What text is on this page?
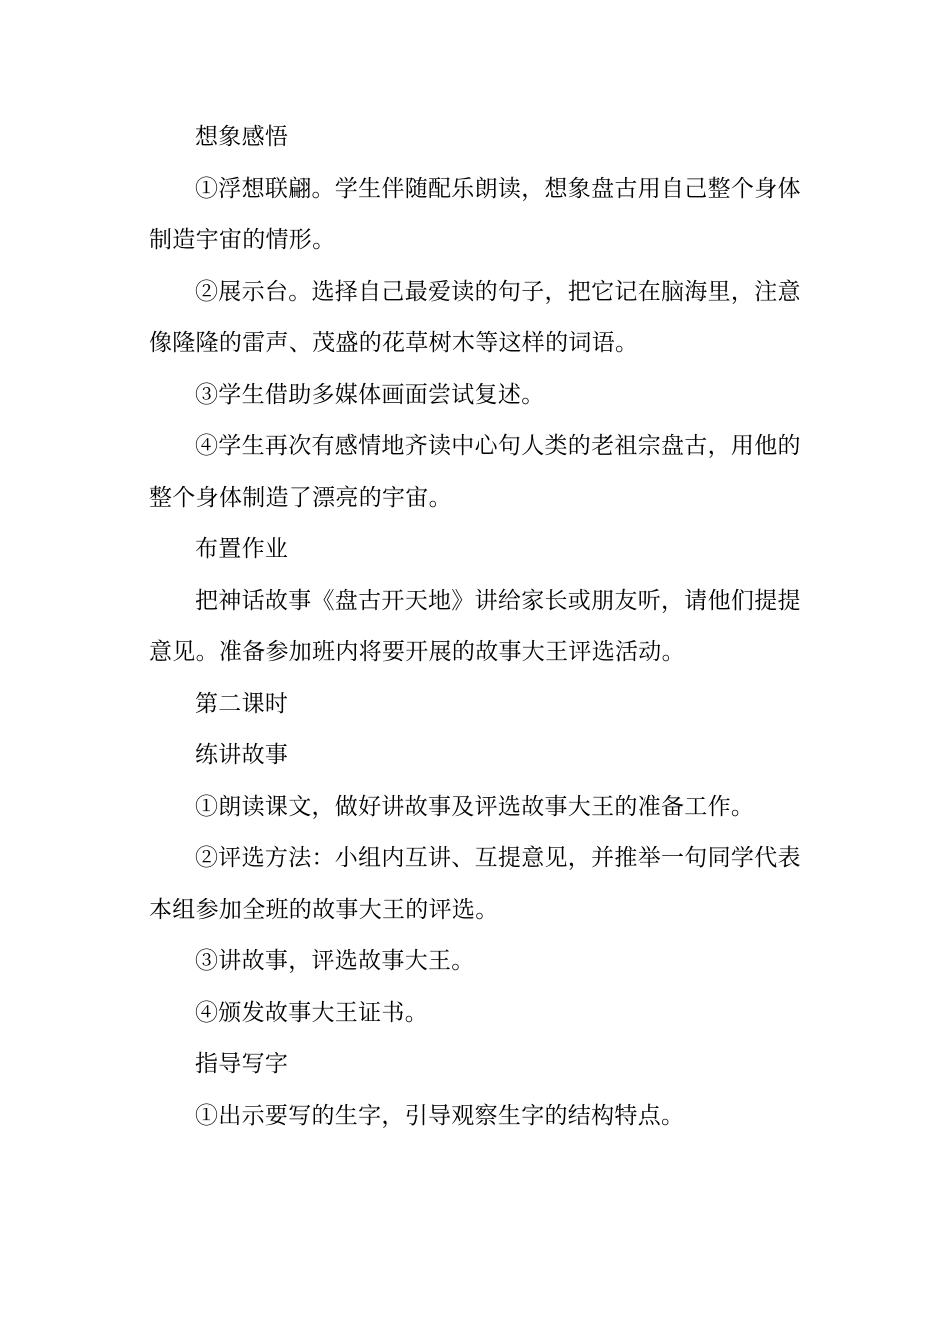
想象感悟

①浮想联翩。学生伴随配乐朗读，想象盘古用自己整个身体制造宇宙的情形。

②展示台。选择自己最爱读的句子，把它记在脑海里，注意像隆隆的雷声、茂盛的花草树木等这样的词语。

③学生借助多媒体画面尝试复述。

④学生再次有感情地齐读中心句人类的老祖宗盘古，用他的整个身体制造了漂亮的宇宙。

布置作业

把神话故事《盘古开天地》讲给家长或朋友听，请他们提提意见。准备参加班内将要开展的故事大王评选活动。

第二课时

练讲故事

①朗读课文，做好讲故事及评选故事大王的准备工作。

②评选方法：小组内互讲、互提意见，并推举一句同学代表本组参加全班的故事大王的评选。

③讲故事，评选故事大王。

④颁发故事大王证书。

指导写字

①出示要写的生字，引导观察生字的结构特点。
